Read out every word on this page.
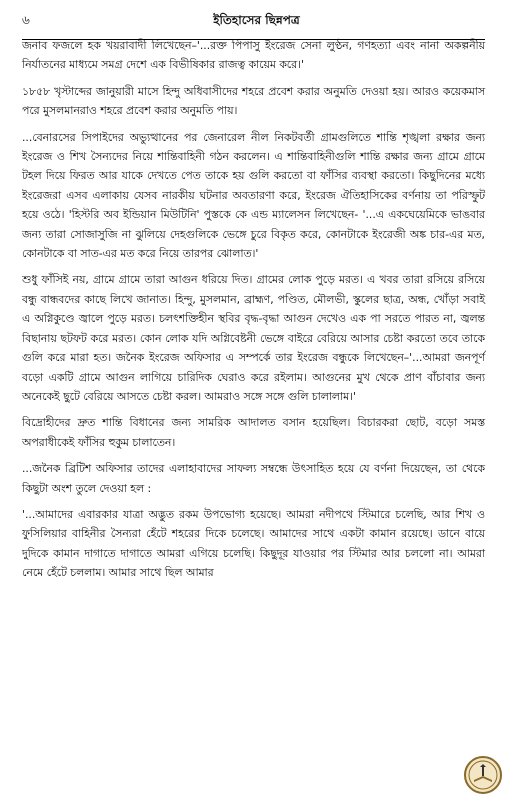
৬	ইতিহাসের ছিন্নপত্র

জনাব ফজলে হক খয়রাবাদী লিখেছেন–'...রক্ত পিপাসু ইংরেজ সেনা লুণ্ঠন, গণহত্যা এবং নানা অকল্পনীয় নির্যাতনের মাধ্যমে সমগ্র দেশে এক বিভীষিকার রাজত্ব কায়েম করে।'

১৮৫৮ খৃস্টাব্দের জানুয়ারী মাসে হিন্দু অধিবাসীদের শহরে প্রবেশ করার অনুমতি দেওয়া হয়। আরও কয়েকমাস পরে মুসলমানরাও শহরে প্রবেশ করার অনুমতি পায়।

...বেনারসের সিপাইদের অভ্যুত্থানের পর জেনারেল নীল নিকটবর্তী গ্রামগুলিতে শান্তি শৃঙ্খলা রক্ষার জন্য ইংরেজ ও শিখ সৈন্যদের নিয়ে শান্তিবাহিনী গঠন করলেন। এ শান্তিবাহিনীগুলি শান্তি রক্ষার জন্য গ্রামে গ্রামে টহল দিয়ে ফিরত আর যাকে দেখতে পেত তাকে হয় গুলি করতো বা ফাঁসির ব্যবস্থা করতো। কিছুদিনের মধ্যে ইংরেজরা এসব এলাকায় যেসব নারকীয় ঘটনার অবতারণা করে, ইংরেজ ঐতিহাসিকের বর্ণনায় তা পরিস্ফুট হয়ে ওঠে। 'হিস্টরি অব ইন্ডিয়ান মিউটিনি' পুস্তকে কে এন্ড ম্যালেসন লিখেছেন- '...এ একঘেয়েমিকে ভাঙবার জন্য তারা সোজাসুজি না ঝুলিয়ে দেহগুলিকে ভেঙ্গে চুরে বিকৃত করে, কোনটাকে ইংরেজী অঙ্ক চার-এর মত, কোনটাকে বা সাত-এর মত করে নিয়ে তারপর ঝোলাত।'

শুধু ফাঁসিই নয়, গ্রামে গ্রামে তারা আগুন ধরিয়ে দিত। গ্রামের লোক পুড়ে মরত। এ খবর তারা রসিয়ে রসিয়ে বন্ধু বান্ধবদের কাছে লিখে জানাত। হিন্দু, মুসলমান, ব্রাহ্মণ, পণ্ডিত, মৌলভী, স্কুলের ছাত্র, অন্ধ, খোঁড়া সবাই এ অগ্নিকুণ্ডে জ্বালে পুড়ে মরত। চলৎশক্তিহীন স্থবির বৃদ্ধ-বৃদ্ধা আগুন দেখেও এক পা সরতে পারত না, জ্বলন্ত বিছানায় ছটফট করে মরত। কোন লোক যদি অগ্নিবেষ্টনী ভেঙ্গে বাইরে বেরিয়ে আসার চেষ্টা করতো তবে তাকে গুলি করে মারা হত। জনৈক ইংরেজ অফিসার এ সম্পর্কে তার ইংরেজ বন্ধুকে লিখেছেন–'...আমরা জনপূর্ণ বড়ো একটি গ্রামে আগুন লাগিয়ে চারিদিক ঘেরাও করে রইলাম। আগুনের মুখ থেকে প্রাণ বাঁচাবার জন্য অনেকেই ছুটে বেরিয়ে আসতে চেষ্টা করল। আমরাও সঙ্গে সঙ্গে গুলি চালালাম।'

বিদ্রোহীদের দ্রুত শান্তি বিধানের জন্য সামরিক আদালত বসান হয়েছিল। বিচারকরা ছোট, বড়ো সমস্ত অপরাধীকেই ফাঁসির হুকুম চালাতেন।

...জনৈক ব্রিটিশ অফিসার তাদের এলাহাবাদের সাফল্য সম্বন্ধে উৎসাহিত হয়ে যে বর্ণনা দিয়েছেন, তা থেকে কিছুটা অংশ তুলে দেওয়া হল :

'...আমাদের এবারকার যাত্রা অদ্ভুত রকম উপভোগ্য হয়েছে। আমরা নদীপথে স্টিমারে চলেছি, আর শিখ ও ফুসিলিয়ার বাহিনীর সৈন্যরা হেঁটে শহরের দিকে চলেছে। আমাদের সাথে একটা কামান রয়েছে। ডানে বায়ে দুদিকে কামান দাগাতে দাগাতে আমরা এগিয়ে চলেছি। কিছুদূর যাওয়ার পর স্টিমার আর চললো না। আমরা নেমে হেঁটে চললাম। আমার সাথে ছিল আমার
